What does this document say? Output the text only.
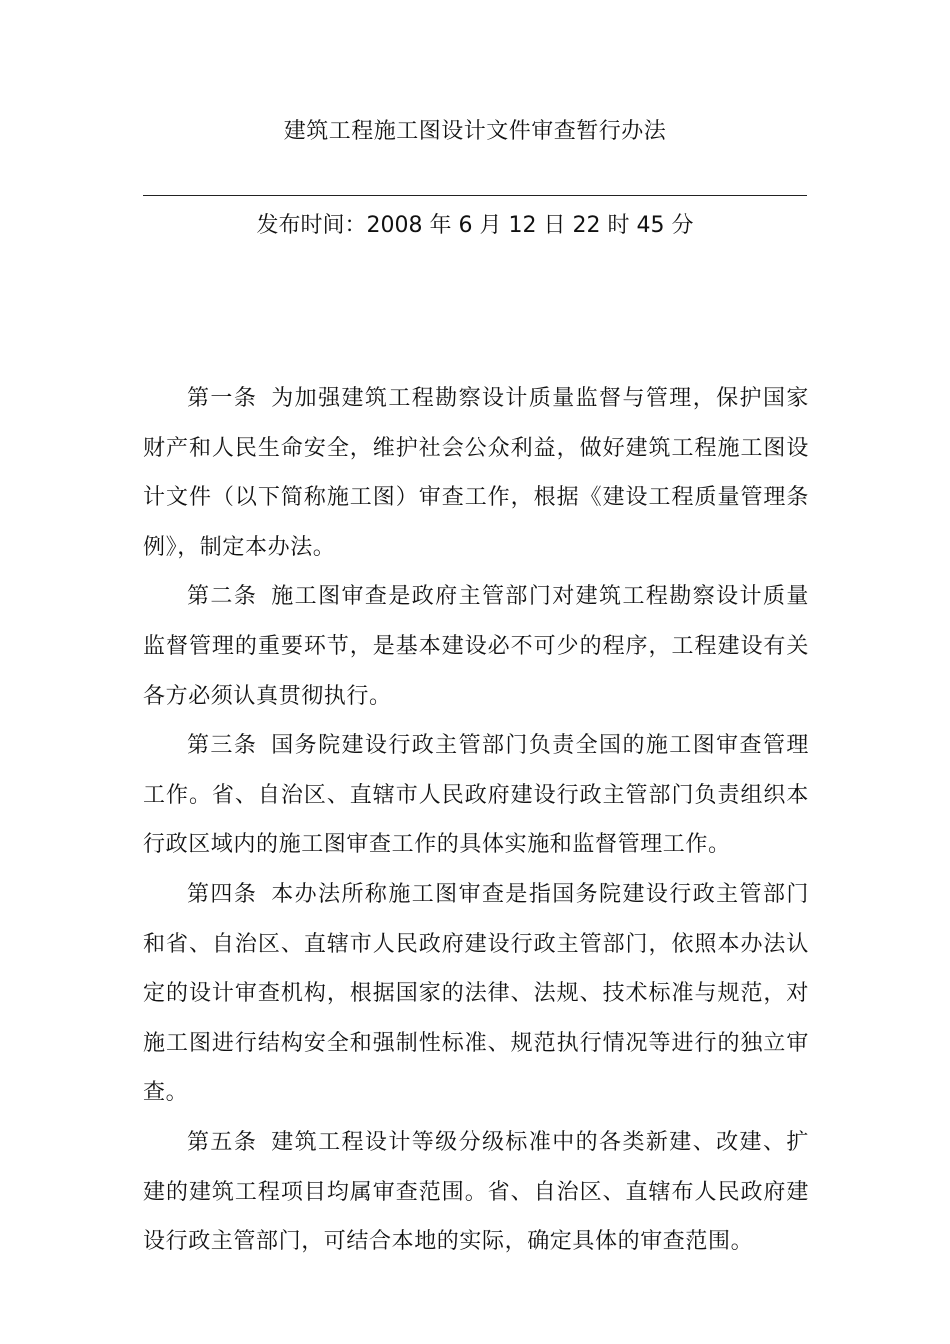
建筑工程施工图设计文件审查暂行办法
发布时间：2008 年 6 月 12 日 22 时 45 分

第一条 为加强建筑工程勘察设计质量监督与管理，保护国家财产和人民生命安全，维护社会公众利益，做好建筑工程施工图设计文件（以下简称施工图）审查工作，根据《建设工程质量管理条例》，制定本办法。

第二条 施工图审查是政府主管部门对建筑工程勘察设计质量监督管理的重要环节，是基本建设必不可少的程序，工程建设有关各方必须认真贯彻执行。

第三条 国务院建设行政主管部门负责全国的施工图审查管理工作。省、自治区、直辖市人民政府建设行政主管部门负责组织本行政区域内的施工图审查工作的具体实施和监督管理工作。

第四条 本办法所称施工图审查是指国务院建设行政主管部门和省、自治区、直辖市人民政府建设行政主管部门，依照本办法认定的设计审查机构，根据国家的法律、法规、技术标准与规范，对施工图进行结构安全和强制性标准、规范执行情况等进行的独立审查。

第五条 建筑工程设计等级分级标准中的各类新建、改建、扩建的建筑工程项目均属审查范围。省、自治区、直辖布人民政府建设行政主管部门，可结合本地的实际，确定具体的审查范围。
